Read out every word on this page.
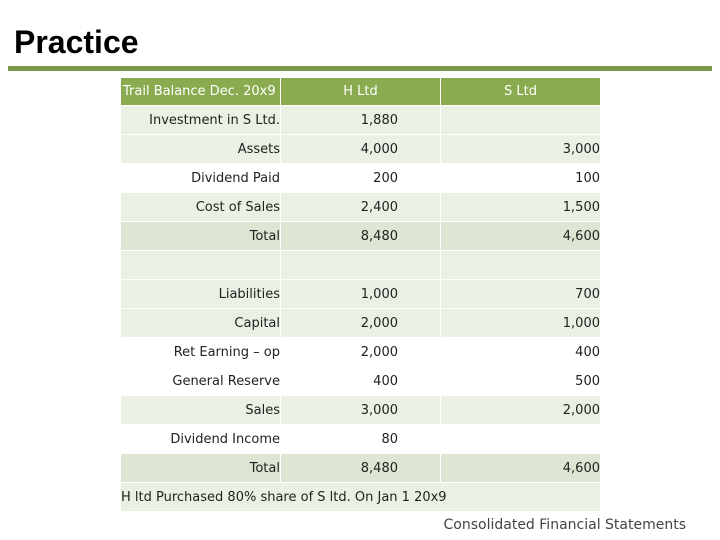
Practice
Trail Balance Dec. 20x9	H Ltd	S Ltd
Investment in S Ltd.	1,880	
Assets	4,000	3,000
Dividend Paid	200	100
Cost of Sales	2,400	1,500
Total	8,480	4,600

Liabilities	1,000	700
Capital	2,000	1,000
Ret Earning – op	2,000	400
General Reserve	400	500
Sales	3,000	2,000
Dividend Income	80	
Total	8,480	4,600
H ltd Purchased 80% share of S ltd. On Jan 1 20x9		
Consolidated Financial Statements
